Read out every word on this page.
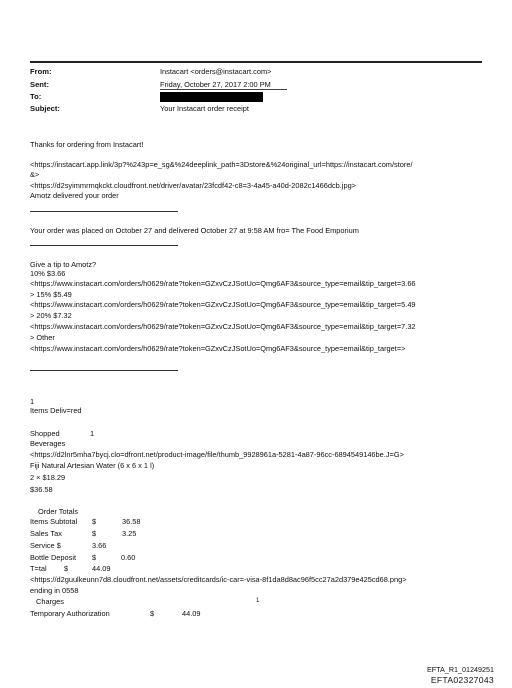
From:	Instacart <orders@instacart.com>
Sent:	Friday, October 27, 2017 2:00 PM
To:
Subject:	Your Instacart order receipt
Thanks for ordering from Instacart!
<https://instacart.app.link/3p?%243p=e_sg&%24deeplink_path=3Dstore&%24original_url=https://instacart.com/store/
&>
<https://d2syimmrmqkckt.cloudfront.net/driver/avatar/23fcdf42-c8=3-4a45-a40d-2082c1466dcb.jpg>
Amotz delivered your order
Your order was placed on October 27 and delivered October 27 at 9:58 AM fro= The Food Emporium
Give a tip to Amotz?
10% $3.66
<https://www.instacart.com/orders/h0629/rate?token=GZxvCzJSotUo=Qmg6AF3&source_type=email&tip_target=3.66
> 15% $5.49
<https://www.instacart.com/orders/h0629/rate?token=GZxvCzJSotUo=Qmg6AF3&source_type=email&tip_target=5.49
> 20% $7.32
<https://www.instacart.com/orders/h0629/rate?token=GZxvCzJSotUo=Qmg6AF3&source_type=email&tip_target=7.32
> Other
<https://www.instacart.com/orders/h0629/rate?token=GZxvCzJSotUo=Qmg6AF3&source_type=email&tip_target=>
1
Items Deliv=red
Shopped	1
Beverages
<https://d2lnr5mha7bycj.clo=dfront.net/product-image/file/thumb_9928961a-5281-4a87-96cc-6894549146be.J=G>
Fiji Natural Artesian Water (6 x 6 x 1 l)
2 × $18.29
$36.58
Order Totals
Items Subtotal $	36.58
Sales Tax	$	3.25
Service $	3.66
Bottle Deposit $	0.60
T=tal $	44.09
<https://d2guulkeunn7d8.cloudfront.net/assets/creditcards/ic-car=-visa-8f1da8d8ac96f5cc27a2d379e425cd68.png>
ending in 0558
Charges
Temporary Authorization	$	44.09
1
EFTA_R1_01249251
EFTA02327043
